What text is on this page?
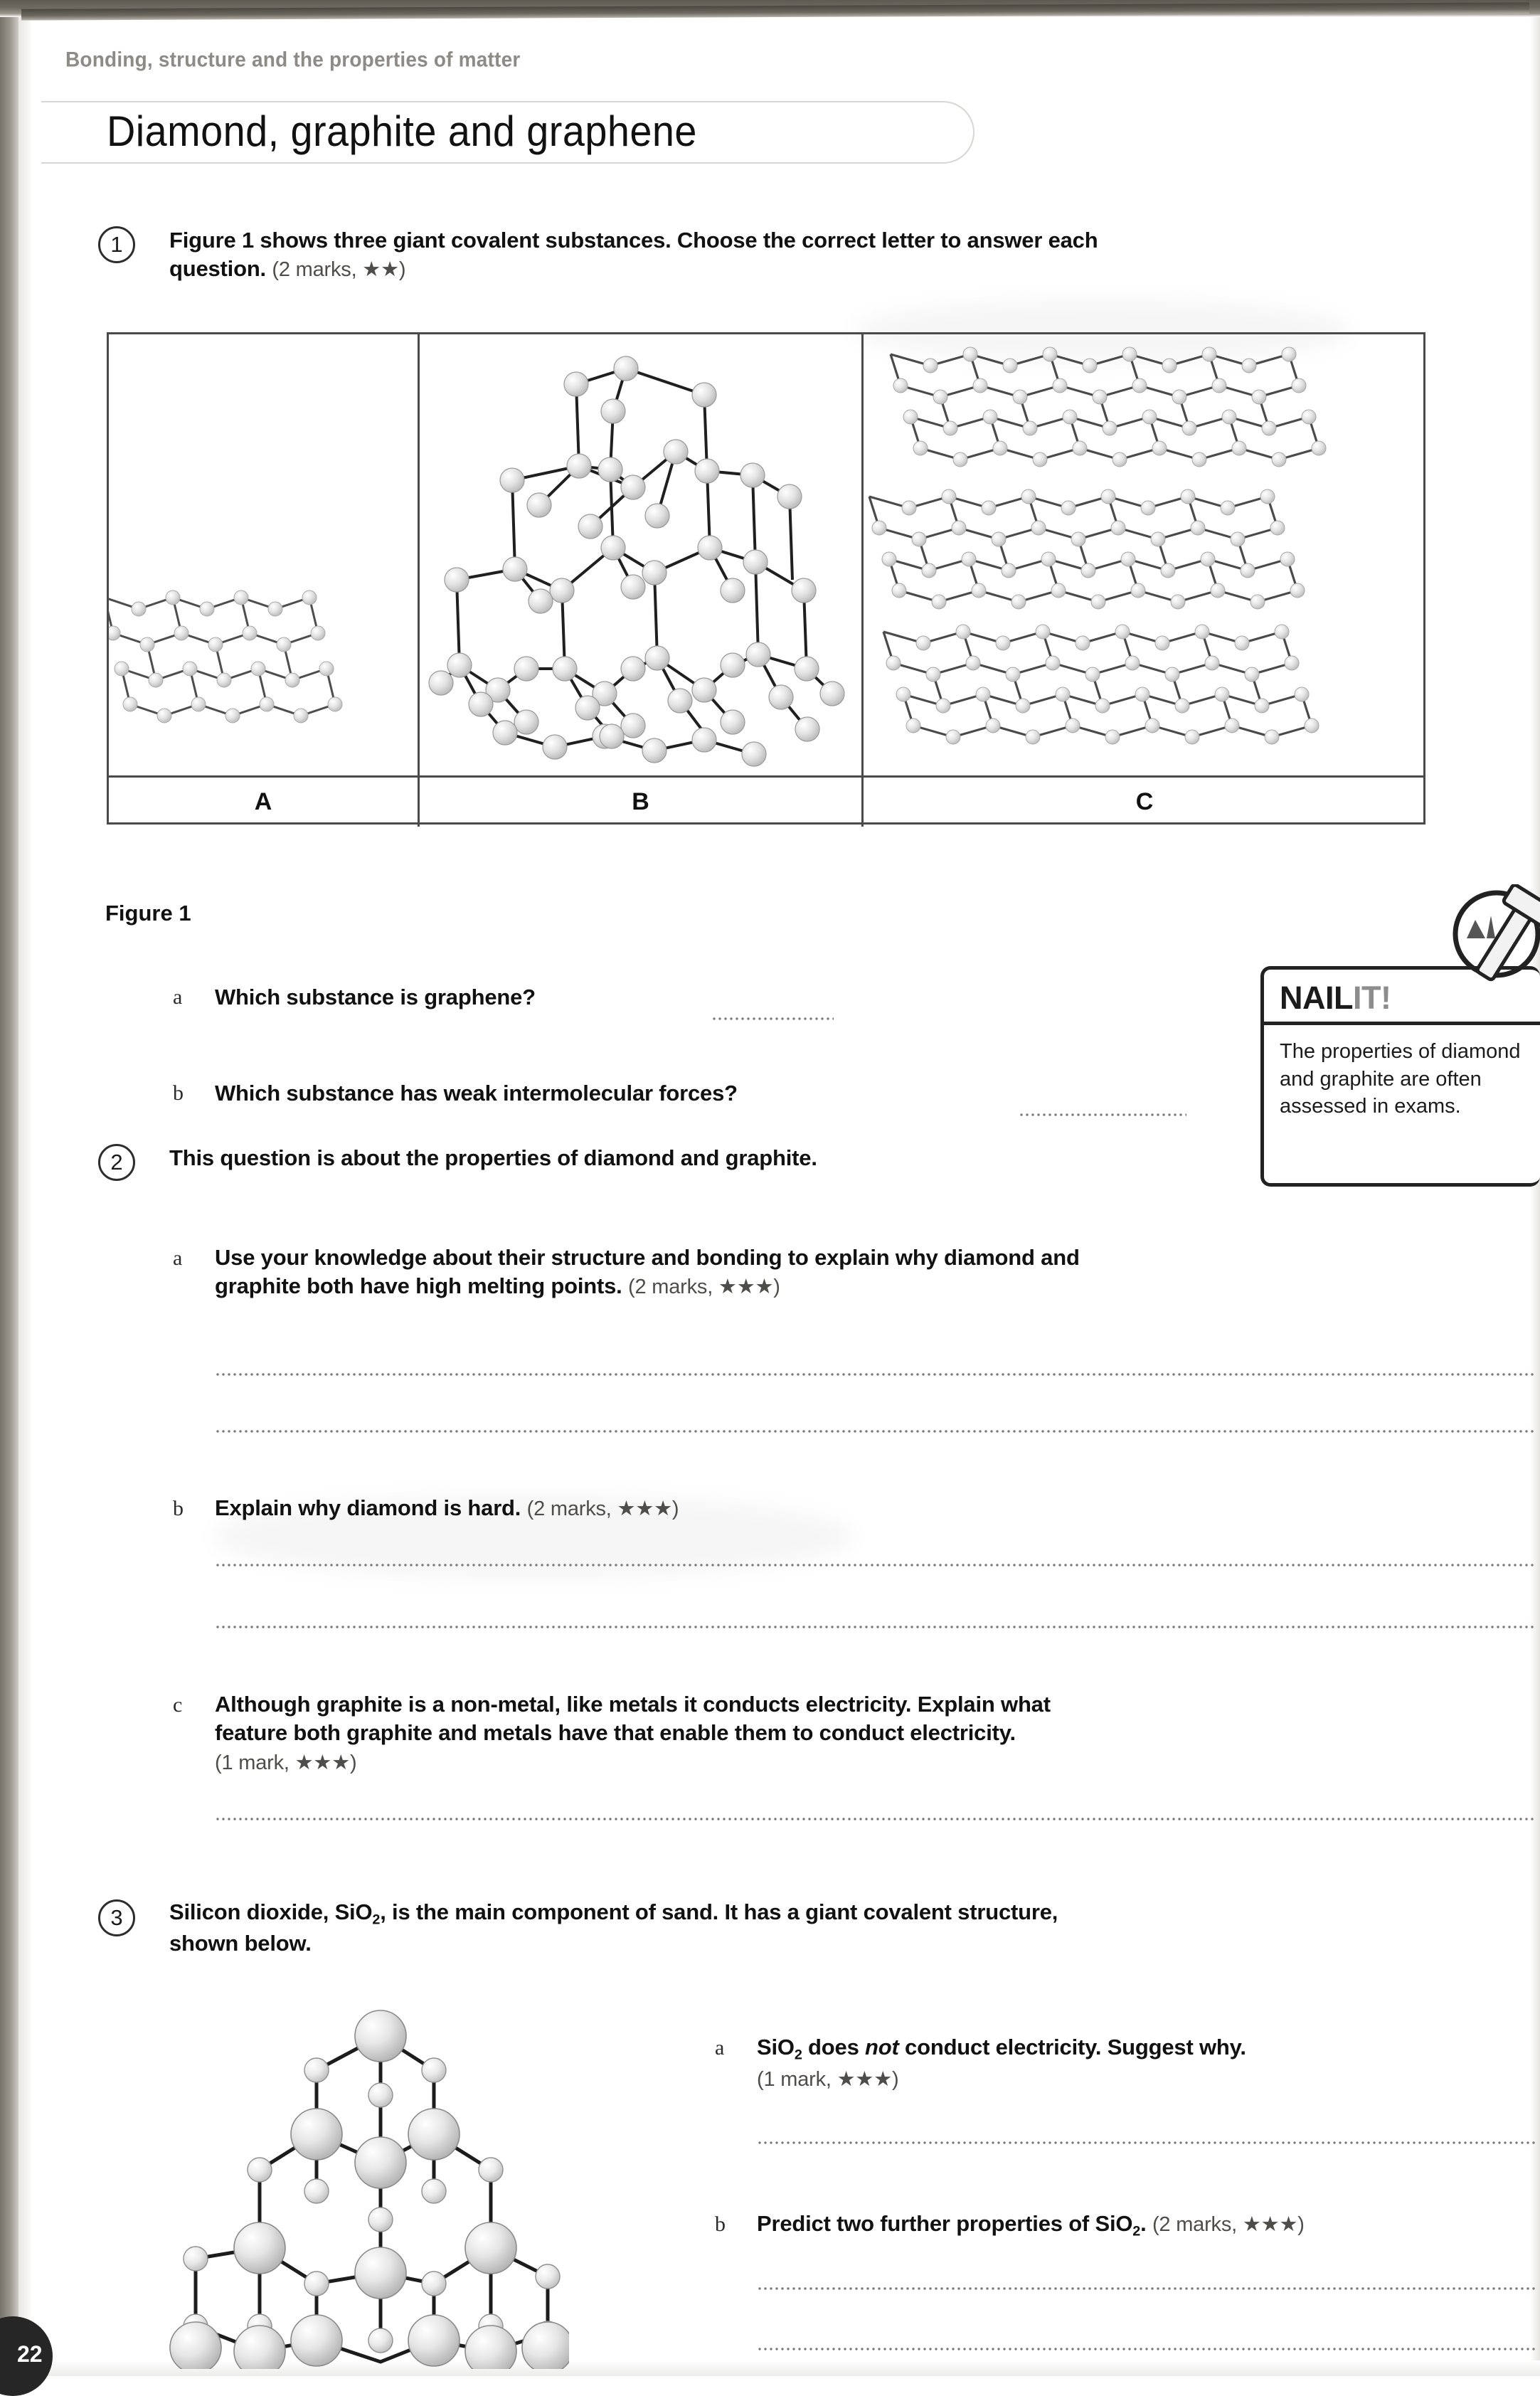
Bonding, structure and the properties of matter
Diamond, graphite and graphene
1	Figure 1 shows three giant covalent substances. Choose the correct letter to answer each question. (2 marks, ★★)
A	B	C
Figure 1
a Which substance is graphene?
b Which substance has weak intermolecular forces?
NAILIT!
The properties of diamond and graphite are often assessed in exams.
2	This question is about the properties of diamond and graphite.
a Use your knowledge about their structure and bonding to explain why diamond and
graphite both have high melting points. (2 marks, ★★★)
b Explain why diamond is hard. (2 marks, ★★★)
c Although graphite is a non-metal, like metals it conducts electricity. Explain what
feature both graphite and metals have that enable them to conduct electricity.
(1 mark, ★★★)
3	Silicon dioxide, SiO$_2$, is the main component of sand. It has a giant covalent structure,
shown below.
a SiO$_2$ does not conduct electricity. Suggest why.
(1 mark, ★★★)
b Predict two further properties of SiO$_2$. (2 marks, ★★★)
22
